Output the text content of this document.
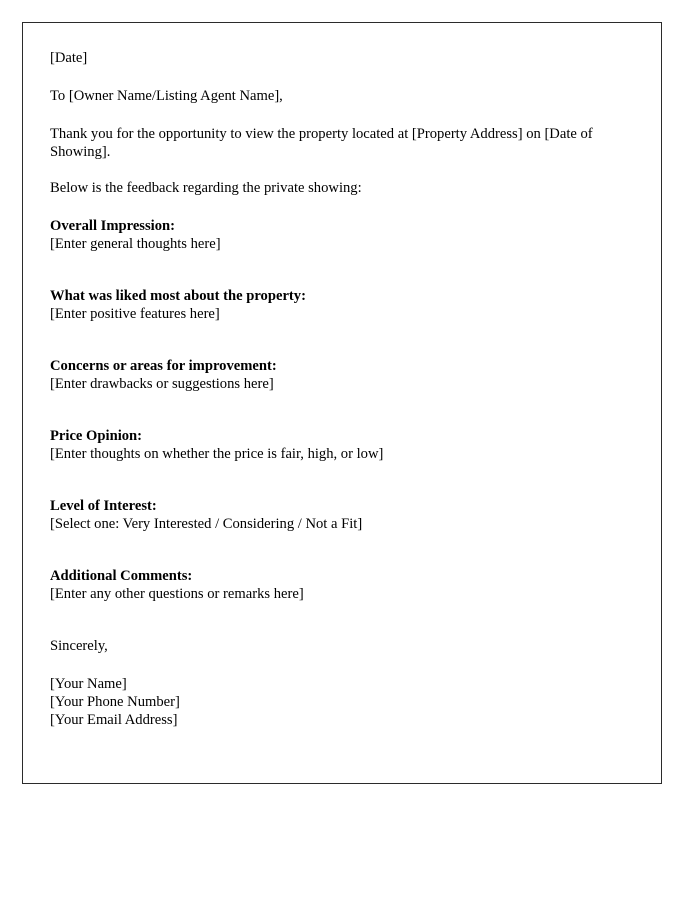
[Date]
To [Owner Name/Listing Agent Name],
Thank you for the opportunity to view the property located at [Property Address] on [Date of Showing].
Below is the feedback regarding the private showing:
Overall Impression:
[Enter general thoughts here]
What was liked most about the property:
[Enter positive features here]
Concerns or areas for improvement:
[Enter drawbacks or suggestions here]
Price Opinion:
[Enter thoughts on whether the price is fair, high, or low]
Level of Interest:
[Select one: Very Interested / Considering / Not a Fit]
Additional Comments:
[Enter any other questions or remarks here]
Sincerely,
[Your Name]
[Your Phone Number]
[Your Email Address]
